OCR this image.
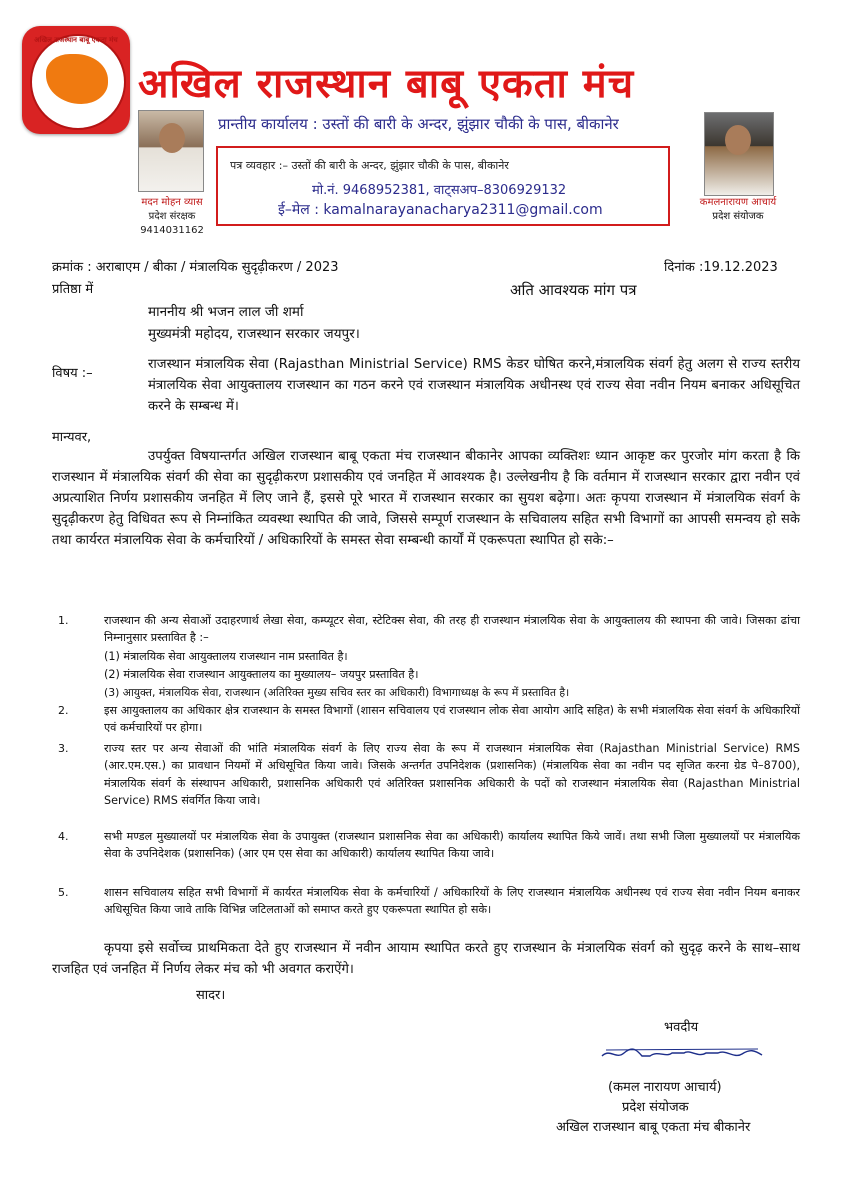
अखिल राजस्थान बाबू एकता मंच
बीकानेर
अखिल राजस्थान बाबू एकता मंच
प्रान्तीय कार्यालय : उस्तों की बारी के अन्दर, झुंझार चौकी के पास, बीकानेर
मदन मोहन व्यास
प्रदेश संरक्षक
9414031162
कमलनारायण आचार्य
प्रदेश संयोजक
पत्र व्यवहार :– उस्तों की बारी के अन्दर, झुंझार चौकी के पास, बीकानेर
मो.नं. 9468952381, वाट्सअप–8306929132
ई–मेल : kamalnarayanacharya2311@gmail.com
क्रमांक : अराबाएम / बीका / मंत्रालयिक सुदृढ़ीकरण / 2023	दिनांक :19.12.2023
प्रतिष्ठा में	अति आवश्यक मांग पत्र
माननीय श्री भजन लाल जी शर्मा
मुख्यमंत्री महोदय, राजस्थान सरकार जयपुर।
विषय :–
राजस्थान मंत्रालयिक सेवा (Rajasthan Ministrial Service) RMS केडर घोषित करने,मंत्रालयिक संवर्ग हेतु अलग से राज्य स्तरीय मंत्रालयिक सेवा आयुक्तालय राजस्थान का गठन करने एवं राजस्थान मंत्रालयिक अधीनस्थ एवं राज्य सेवा नवीन नियम बनाकर अधिसूचित करने के सम्बन्ध में।
मान्यवर,
उपर्युक्त विषयान्तर्गत अखिल राजस्थान बाबू एकता मंच राजस्थान बीकानेर आपका व्यक्तिशः ध्यान आकृष्ट कर पुरजोर मांग करता है कि राजस्थान में मंत्रालयिक संवर्ग की सेवा का सुदृढ़ीकरण प्रशासकीय एवं जनहित में आवश्यक है। उल्लेखनीय है कि वर्तमान में राजस्थान सरकार द्वारा नवीन एवं अप्रत्याशित निर्णय प्रशासकीय जनहित में लिए जाने हैं, इससे पूरे भारत में राजस्थान सरकार का सुयश बढ़ेगा। अतः कृपया राजस्थान में मंत्रालयिक संवर्ग के सुदृढ़ीकरण हेतु विधिवत रूप से निम्नांकित व्यवस्था स्थापित की जावे, जिससे सम्पूर्ण राजस्थान के सचिवालय सहित सभी विभागों का आपसी समन्वय हो सके तथा कार्यरत मंत्रालयिक सेवा के कर्मचारियों / अधिकारियों के समस्त सेवा सम्बन्धी कार्यों में एकरूपता स्थापित हो सके:–
1.	राजस्थान की अन्य सेवाओं उदाहरणार्थ लेखा सेवा, कम्प्यूटर सेवा, स्टेटिक्स सेवा, की तरह ही राजस्थान मंत्रालयिक सेवा के आयुक्तालय की स्थापना की जावे। जिसका ढांचा निम्नानुसार प्रस्तावित है :–
(1) मंत्रालयिक सेवा आयुक्तालय राजस्थान नाम प्रस्तावित है।
(2) मंत्रालयिक सेवा राजस्थान आयुक्तालय का मुख्यालय– जयपुर प्रस्तावित है।
(3) आयुक्त, मंत्रालयिक सेवा, राजस्थान (अतिरिक्त मुख्य सचिव स्तर का अधिकारी) विभागाध्यक्ष के रूप में प्रस्तावित है।
2.	इस आयुक्तालय का अधिकार क्षेत्र राजस्थान के समस्त विभागों (शासन सचिवालय एवं राजस्थान लोक सेवा आयोग आदि सहित) के सभी मंत्रालयिक सेवा संवर्ग के अधिकारियों एवं कर्मचारियों पर होगा।
3.	राज्य स्तर पर अन्य सेवाओं की भांति मंत्रालयिक संवर्ग के लिए राज्य सेवा के रूप में राजस्थान मंत्रालयिक सेवा (Rajasthan Ministrial Service) RMS (आर.एम.एस.) का प्रावधान नियमों में अधिसूचित किया जावे। जिसके अन्तर्गत उपनिदेशक (प्रशासनिक) (मंत्रालयिक सेवा का नवीन पद सृजित करना ग्रेड पे–8700), मंत्रालयिक संवर्ग के संस्थापन अधिकारी, प्रशासनिक अधिकारी एवं अतिरिक्त प्रशासनिक अधिकारी के पदों को राजस्थान मंत्रालयिक सेवा (Rajasthan Ministrial Service) RMS संवर्गित किया जावे।
4.	सभी मण्डल मुख्यालयों पर मंत्रालयिक सेवा के उपायुक्त (राजस्थान प्रशासनिक सेवा का अधिकारी) कार्यालय स्थापित किये जावें। तथा सभी जिला मुख्यालयों पर मंत्रालयिक सेवा के उपनिदेशक (प्रशासनिक) (आर एम एस सेवा का अधिकारी) कार्यालय स्थापित किया जावे।
5.	शासन सचिवालय सहित सभी विभागों में कार्यरत मंत्रालयिक सेवा के कर्मचारियों / अधिकारियों के लिए राजस्थान मंत्रालयिक अधीनस्थ एवं राज्य सेवा नवीन नियम बनाकर अधिसूचित किया जावे ताकि विभिन्न जटिलताओं को समाप्त करते हुए एकरूपता स्थापित हो सके।
कृपया इसे सर्वोच्च प्राथमिकता देते हुए राजस्थान में नवीन आयाम स्थापित करते हुए राजस्थान के मंत्रालयिक संवर्ग को सुदृढ़ करने के साथ–साथ राजहित एवं जनहित में निर्णय लेकर मंच को भी अवगत कराऐंगे।
सादर।
भवदीय
(कमल नारायण आचार्य)
प्रदेश संयोजक
अखिल राजस्थान बाबू एकता मंच बीकानेर
